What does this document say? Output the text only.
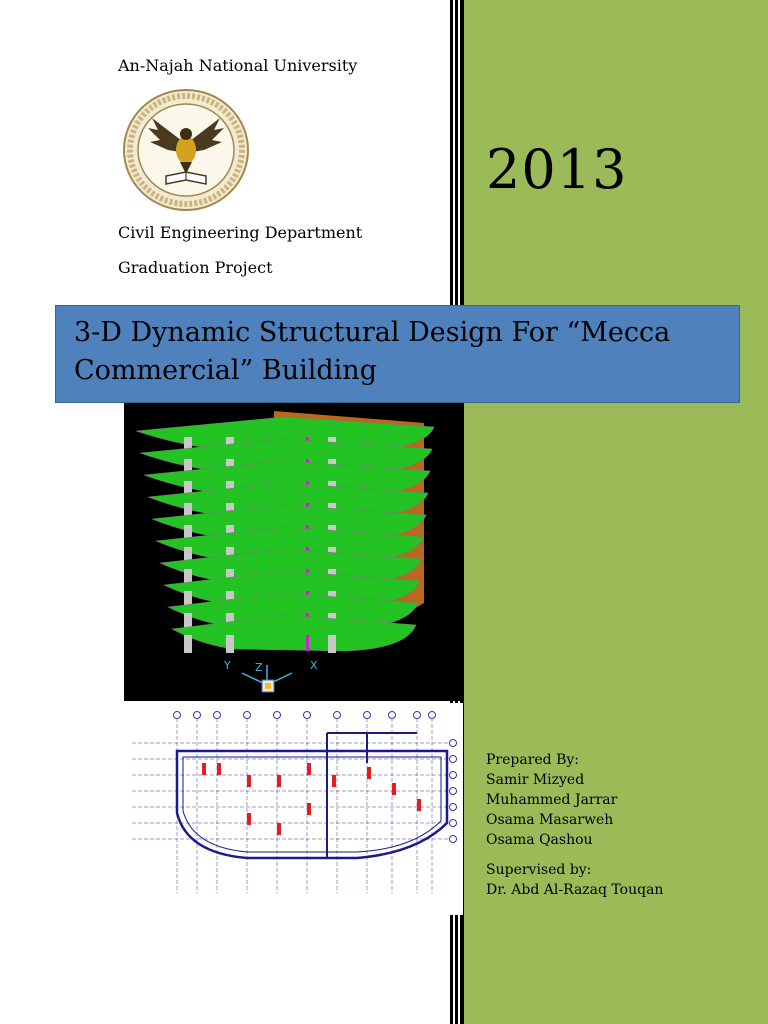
An-Najah National University
Civil Engineering Department
Graduation Project
2013
3-D Dynamic Structural Design For “Mecca Commercial” Building
Y Z	X
Prepared By:
Samir Mizyed
Muhammed Jarrar
Osama Masarweh
Osama Qashou
Supervised by:
Dr. Abd Al-Razaq Touqan
